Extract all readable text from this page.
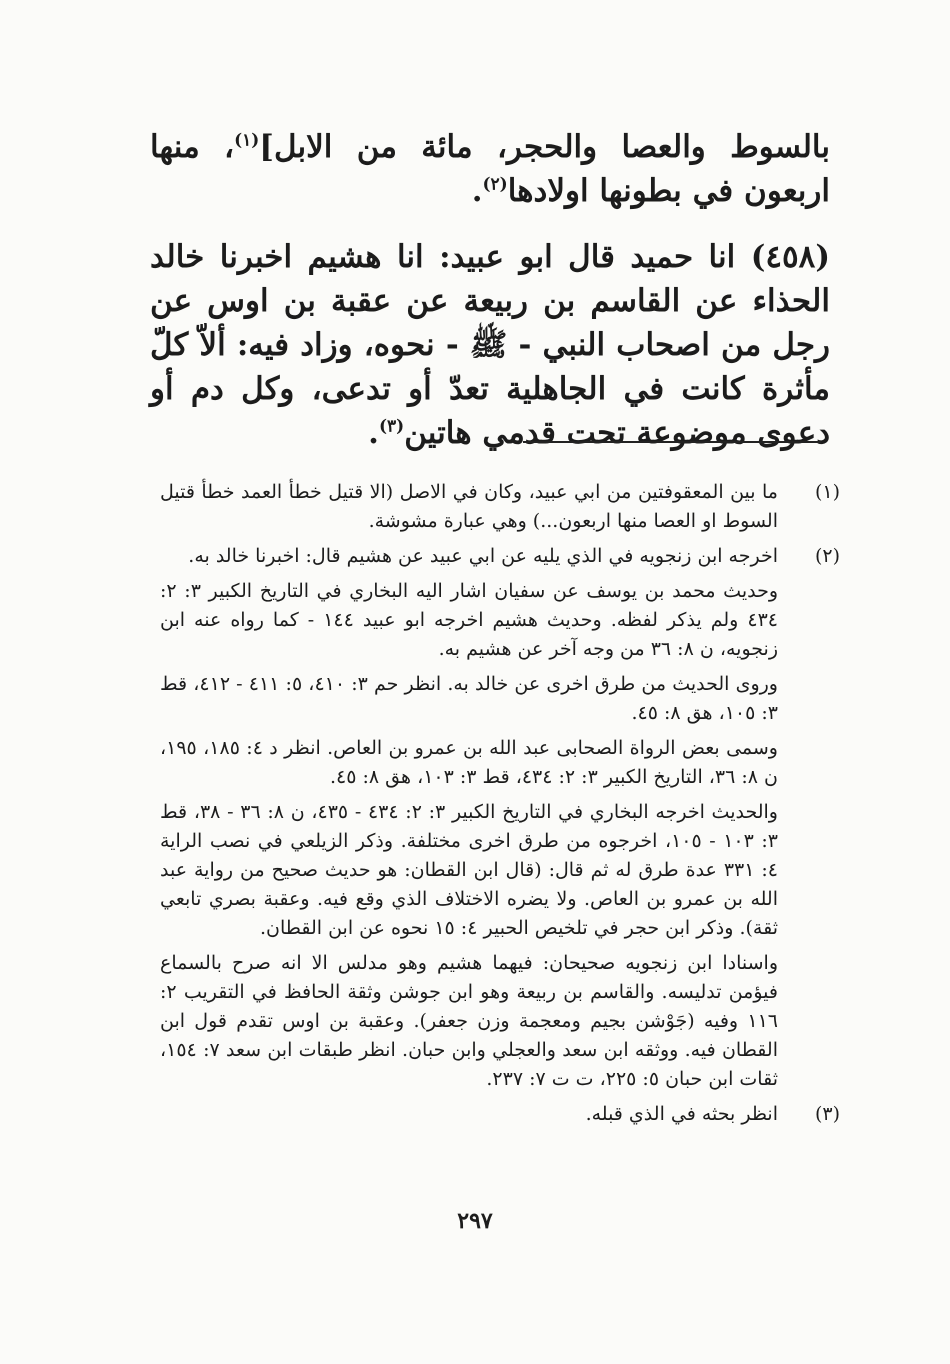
بالسوط والعصا والحجر، مائة من الابل]$^{(١)}$، منها اربعون في بطونها اولادها$^{(٢)}$.

(٤٥٨) انا حميد قال ابو عبيد: انا هشيم اخبرنا خالد الحذاء عن القاسم بن ربيعة عن عقبة بن اوس عن رجل من اصحاب النبي - ﷺ - نحوه، وزاد فيه: ألاّ كلّ مأثرة كانت في الجاهلية تعدّ أو تدعى، وكل دم أو دعوى موضوعة تحت قدمي هاتين$^{(٣)}$.

(١)

ما بين المعقوفتين من ابي عبيد، وكان في الاصل (الا قتيل خطأ العمد خطأ قتيل السوط او العصا منها اربعون...) وهي عبارة مشوشة.

(٢)

اخرجه ابن زنجويه في الذي يليه عن ابي عبيد عن هشيم قال: اخبرنا خالد به.

وحديث محمد بن يوسف عن سفيان اشار اليه البخاري في التاريخ الكبير ٣: ٢: ٤٣٤ ولم يذكر لفظه. وحديث هشيم اخرجه ابو عبيد ١٤٤ - كما رواه عنه ابن زنجويه، ن ٨: ٣٦ من وجه آخر عن هشيم به.

وروى الحديث من طرق اخرى عن خالد به. انظر حم ٣: ٤١٠، ٥: ٤١١ - ٤١٢، قط ٣: ١٠٥، هق ٨: ٤٥.

وسمى بعض الرواة الصحابى عبد الله بن عمرو بن العاص. انظر د ٤: ١٨٥، ١٩٥، ن ٨: ٣٦، التاريخ الكبير ٣: ٢: ٤٣٤، قط ٣: ١٠٣، هق ٨: ٤٥.

والحديث اخرجه البخاري في التاريخ الكبير ٣: ٢: ٤٣٤ - ٤٣٥، ن ٨: ٣٦ - ٣٨، قط ٣: ١٠٣ - ١٠٥، اخرجوه من طرق اخرى مختلفة. وذكر الزيلعي في نصب الراية ٤: ٣٣١ عدة طرق له ثم قال: (قال ابن القطان: هو حديث صحيح من رواية عبد الله بن عمرو بن العاص. ولا يضره الاختلاف الذي وقع فيه. وعقبة بصري تابعي ثقة). وذكر ابن حجر في تلخيص الحبير ٤: ١٥ نحوه عن ابن القطان.

واسنادا ابن زنجويه صحيحان: فيهما هشيم وهو مدلس الا انه صرح بالسماع فيؤمن تدليسه. والقاسم بن ربيعة وهو ابن جوشن وثقة الحافظ في التقريب ٢: ١١٦ وفيه (جَوْشن بجيم ومعجمة وزن جعفر). وعقبة بن اوس تقدم قول ابن القطان فيه. ووثقه ابن سعد والعجلي وابن حبان. انظر طبقات ابن سعد ٧: ١٥٤، ثقات ابن حبان ٥: ٢٢٥، ت ت ٧: ٢٣٧.

(٣)

انظر بحثه في الذي قبله.

٢٩٧
